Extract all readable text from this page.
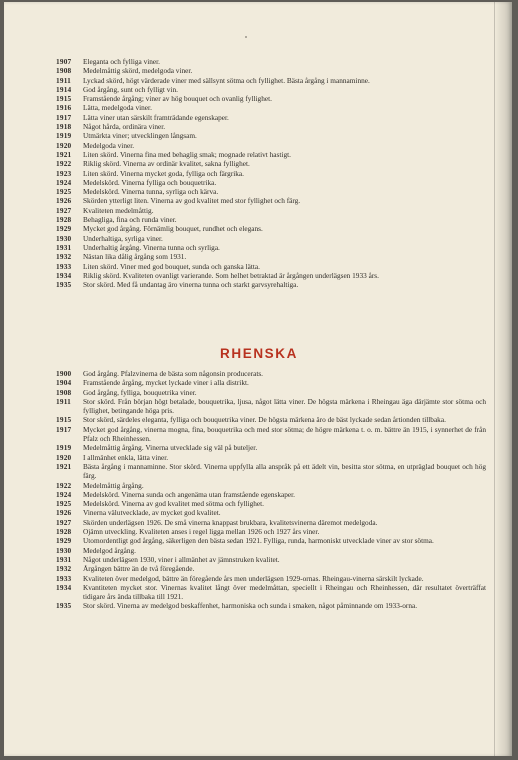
1907	Eleganta och fylliga viner.
1908	Medelmåttig skörd, medelgoda viner.
1911	Lyckad skörd, högt värderade viner med sällsynt sötma och fyllighet. Bästa årgång i mannaminne.
1914	God årgång, sunt och fylligt vin.
1915	Framstående årgång; viner av hög bouquet och ovanlig fyllighet.
1916	Lätta, medelgoda viner.
1917	Lätta viner utan särskilt framträdande egenskaper.
1918	Något hårda, ordinära viner.
1919	Utmärkta viner; utvecklingen långsam.
1920	Medelgoda viner.
1921	Liten skörd. Vinerna fina med behaglig smak; mognade relativt hastigt.
1922	Riklig skörd. Vinerna av ordinär kvalitet, sakna fyllighet.
1923	Liten skörd. Vinerna mycket goda, fylliga och färgrika.
1924	Medelskörd. Vinerna fylliga och bouquetrika.
1925	Medelskörd. Vinerna tunna, syrliga och kärva.
1926	Skörden ytterligt liten. Vinerna av god kvalitet med stor fyllighet och färg.
1927	Kvaliteten medelmåttig.
1928	Behagliga, fina och runda viner.
1929	Mycket god årgång. Förnämlig bouquet, rundhet och elegans.
1930	Underhaltiga, syrliga viner.
1931	Underhaltig årgång. Vinerna tunna och syrliga.
1932	Nästan lika dålig årgång som 1931.
1933	Liten skörd. Viner med god bouquet, sunda och ganska lätta.
1934	Riklig skörd. Kvaliteten ovanligt varierande. Som helhet betraktad är årgången underlägsen 1933 års.
1935	Stor skörd. Med få undantag äro vinerna tunna och starkt garvsyrehaltiga.
RHENSKA
1900	God årgång. Pfalzvinerna de bästa som någonsin producerats.
1904	Framstående årgång, mycket lyckade viner i alla distrikt.
1908	God årgång, fylliga, bouquetrika viner.
1911	Stor skörd. Från början högt betalade, bouquetrika, ljusa, något lätta viner. De högsta märkena i Rheingau äga därjämte stor sötma och fyllighet, betingande höga pris.
1915	Stor skörd, särdeles eleganta, fylliga och bouquetrika viner. De högsta märkena äro de bäst lyckade sedan årtionden tillbaka.
1917	Mycket god årgång, vinerna mogna, fina, bouquetrika och med stor sötma; de högre märkena t. o. m. bättre än 1915, i synnerhet de från Pfalz och Rheinhessen.
1919	Medelmåttig årgång. Vinerna utvecklade sig väl på buteljer.
1920	I allmänhet enkla, lätta viner.
1921	Bästa årgång i mannaminne. Stor skörd. Vinerna uppfylla alla anspråk på ett ädelt vin, besitta stor sötma, en utpräglad bouquet och hög färg.
1922	Medelmåttig årgång.
1924	Medelskörd. Vinerna sunda och angenäma utan framstående egenskaper.
1925	Medelskörd. Vinerna av god kvalitet med sötma och fyllighet.
1926	Vinerna välutvecklade, av mycket god kvalitet.
1927	Skörden underlägsen 1926. De små vinerna knappast brukbara, kvalitetsvinerna däremot medelgoda.
1928	Ojämn utveckling. Kvaliteten anses i regel ligga mellan 1926 och 1927 års viner.
1929	Utomordentligt god årgång, säkerligen den bästa sedan 1921. Fylliga, runda, harmoniskt utvecklade viner av stor sötma.
1930	Medelgod årgång.
1931	Något underlägsen 1930, viner i allmänhet av jämnstruken kvalitet.
1932	Årgången bättre än de två föregående.
1933	Kvaliteten över medelgod, bättre än föregående års men underlägsen 1929-ornas. Rheingau-vinerna särskilt lyckade.
1934	Kvantiteten mycket stor. Vinernas kvalitet långt över medelmåttan, speciellt i Rheingau och Rheinhessen, där resultatet överträffat tidigare års ända tillbaka till 1921.
1935	Stor skörd. Vinerna av medelgod beskaffenhet, harmoniska och sunda i smaken, något påminnande om 1933-orna.
